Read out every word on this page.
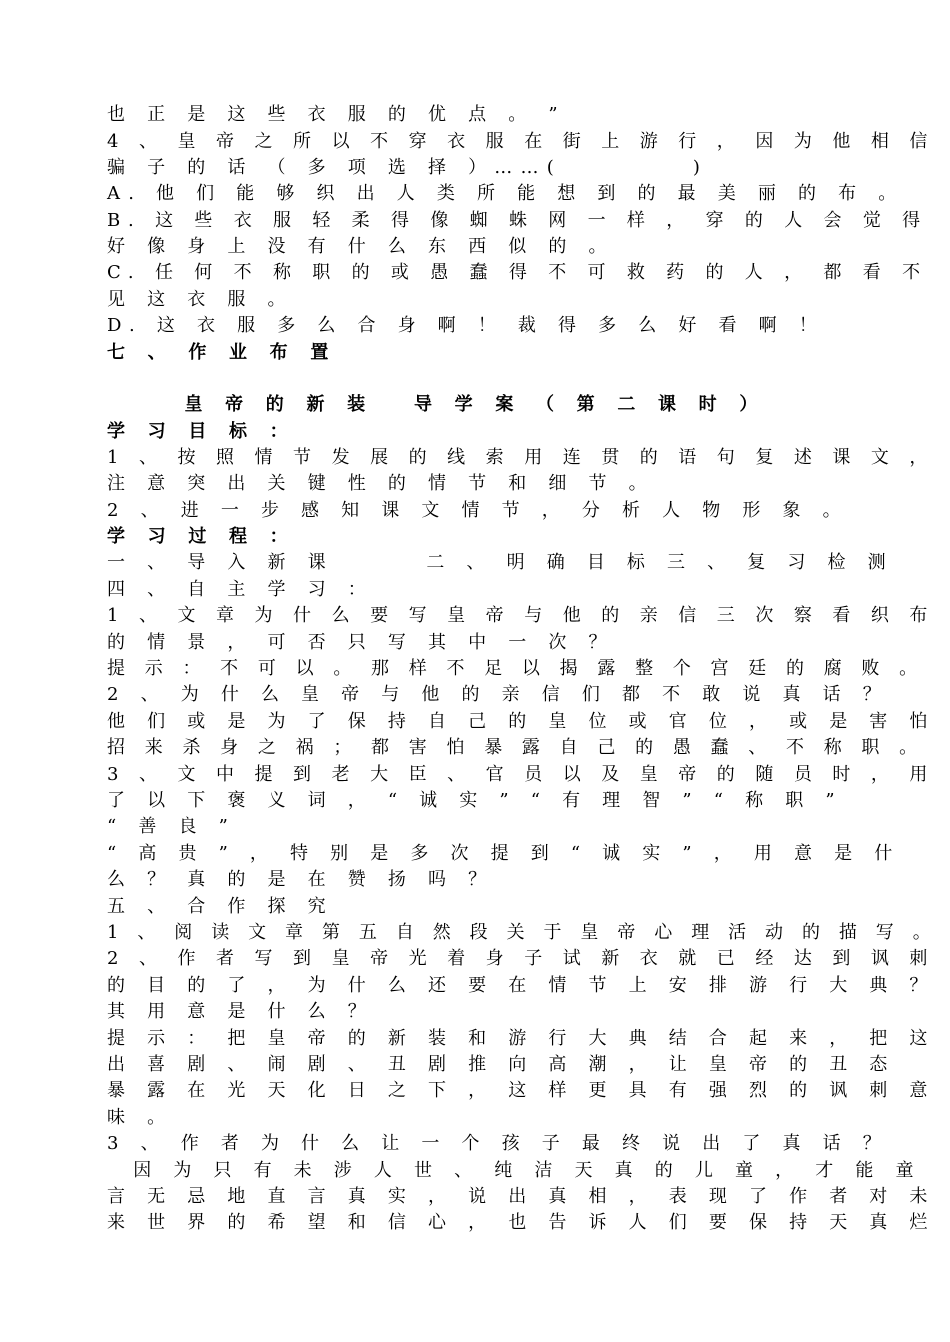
也 正 是 这 些 衣 服 的 优 点 。 ”
4 、 皇 帝 之 所 以 不 穿 衣 服 在 街 上 游 行 ， 因 为 他 相 信
骗 子 的 话 （ 多 项 选 择 ）……(　　　　　)
A. 他 们 能 够 织 出 人 类 所 能 想 到 的 最 美 丽 的 布 。
B. 这 些 衣 服 轻 柔 得 像 蜘 蛛 网 一 样 ， 穿 的 人 会 觉 得
好 像 身 上 没 有 什 么 东 西 似 的 。
C. 任 何 不 称 职 的 或 愚 蠢 得 不 可 救 药 的 人 ， 都 看 不
见 这 衣 服 。
D. 这 衣 服 多 么 合 身 啊 ！ 裁 得 多 么 好 看 啊 ！
七 、 作 业 布 置
皇 帝 的 新 装 　导 学 案 （ 第 二 课 时 ）
学 习 目 标 ：
1 、 按 照 情 节 发 展 的 线 索 用 连 贯 的 语 句 复 述 课 文 ，
注 意 突 出 关 键 性 的 情 节 和 细 节 。
2 、 进 一 步 感 知 课 文 情 节 ， 分 析 人 物 形 象 。
学 习 过 程 ：
一 、 导 入 新 课 　　　二 、 明 确 目 标 三 、 复 习 检 测
四 、 自 主 学 习 ：
1 、 文 章 为 什 么 要 写 皇 帝 与 他 的 亲 信 三 次 察 看 织 布
的 情 景 ， 可 否 只 写 其 中 一 次 ？
提 示 ： 不 可 以 。 那 样 不 足 以 揭 露 整 个 宫 廷 的 腐 败 。
2 、 为 什 么 皇 帝 与 他 的 亲 信 们 都 不 敢 说 真 话 ？
他 们 或 是 为 了 保 持 自 己 的 皇 位 或 官 位 ， 或 是 害 怕
招 来 杀 身 之 祸 ； 都 害 怕 暴 露 自 己 的 愚 蠢 、 不 称 职 。
3 、 文 中 提 到 老 大 臣 、 官 员 以 及 皇 帝 的 随 员 时 ， 用
了 以 下 褒 义 词 ， “ 诚 实 ” “ 有 理 智 ” “ 称 职 ”
“ 善 良 ”
“ 高 贵 ” ， 特 别 是 多 次 提 到 “ 诚 实 ” ， 用 意 是 什
么 ？ 真 的 是 在 赞 扬 吗 ？
五 、 合 作 探 究
1 、 阅 读 文 章 第 五 自 然 段 关 于 皇 帝 心 理 活 动 的 描 写 。
2 、 作 者 写 到 皇 帝 光 着 身 子 试 新 衣 就 已 经 达 到 讽 刺
的 目 的 了 ， 为 什 么 还 要 在 情 节 上 安 排 游 行 大 典 ？
其 用 意 是 什 么 ？
提 示 ： 把 皇 帝 的 新 装 和 游 行 大 典 结 合 起 来 ， 把 这
出 喜 剧 、 闹 剧 、 丑 剧 推 向 高 潮 ， 让 皇 帝 的 丑 态
暴 露 在 光 天 化 日 之 下 ， 这 样 更 具 有 强 烈 的 讽 刺 意
味 。
3 、 作 者 为 什 么 让 一 个 孩 子 最 终 说 出 了 真 话 ？
　因 为 只 有 未 涉 人 世 、 纯 洁 天 真 的 儿 童 ， 才 能 童
言 无 忌 地 直 言 真 实 ， 说 出 真 相 ， 表 现 了 作 者 对 未
来 世 界 的 希 望 和 信 心 ， 也 告 诉 人 们 要 保 持 天 真 烂
